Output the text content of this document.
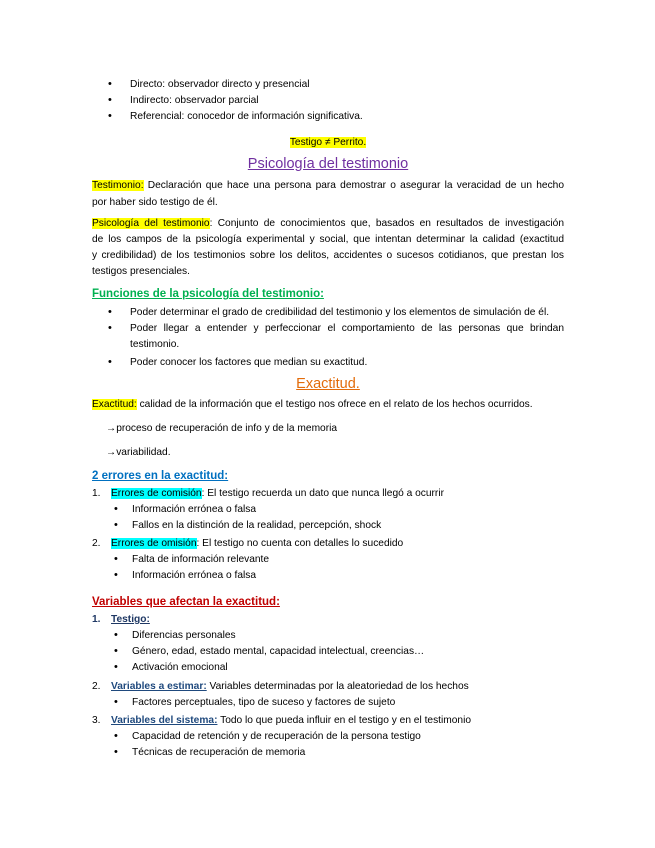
• Directo: observador directo y presencial
• Indirecto: observador parcial
• Referencial: conocedor de información significativa.
Testigo ≠ Perrito.
Psicología del testimonio
Testimonio: Declaración que hace una persona para demostrar o asegurar la veracidad de un hecho
por haber sido testigo de él.
Psicología del testimonio: Conjunto de conocimientos que, basados en resultados de investigación
de los campos de la psicología experimental y social, que intentan determinar la calidad (exactitud
y credibilidad) de los testimonios sobre los delitos, accidentes o sucesos cotidianos, que prestan los
testigos presenciales.
Funciones de la psicología del testimonio:
• Poder determinar el grado de credibilidad del testimonio y los elementos de simulación de él.
• Poder llegar a entender y perfeccionar el comportamiento de las personas que brindan
testimonio.
• Poder conocer los factores que median su exactitud.
Exactitud.
Exactitud: calidad de la información que el testigo nos ofrece en el relato de los hechos ocurridos.
→proceso de recuperación de info y de la memoria
→variabilidad.
2 errores en la exactitud:
1. Errores de comisión: El testigo recuerda un dato que nunca llegó a ocurrir
• Información errónea o falsa
• Fallos en la distinción de la realidad, percepción, shock
2. Errores de omisión: El testigo no cuenta con detalles lo sucedido
• Falta de información relevante
• Información errónea o falsa
Variables que afectan la exactitud:
1. Testigo:
• Diferencias personales
• Género, edad, estado mental, capacidad intelectual, creencias…
• Activación emocional
2. Variables a estimar: Variables determinadas por la aleatoriedad de los hechos
• Factores perceptuales, tipo de suceso y factores de sujeto
3. Variables del sistema: Todo lo que pueda influir en el testigo y en el testimonio
• Capacidad de retención y de recuperación de la persona testigo
• Técnicas de recuperación de memoria
